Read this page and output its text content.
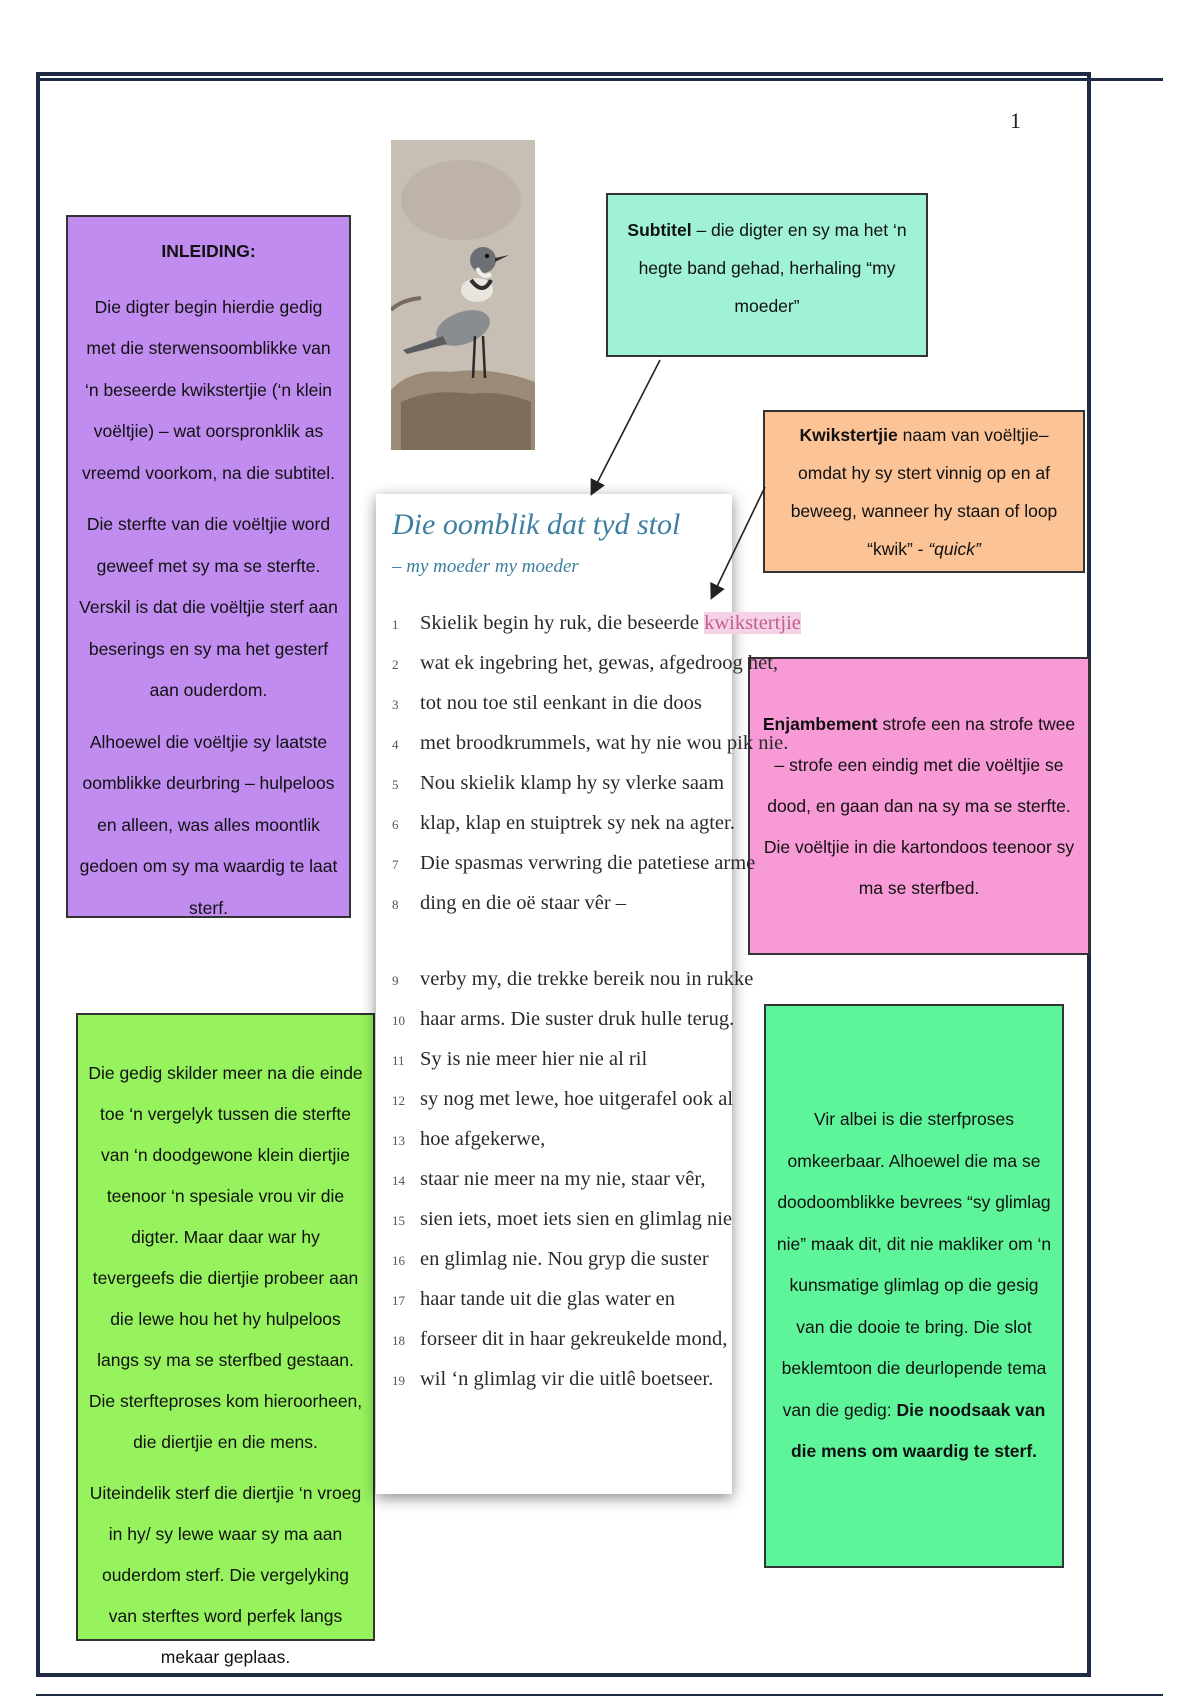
1

INLEIDING:

Die digter begin hierdie gedig met die sterwensoomblikke van ‘n beseerde kwikstertjie (‘n klein voëltjie) – wat oorspronklik as vreemd voorkom, na die subtitel.

Die sterfte van die voëltjie word geweef met sy ma se sterfte. Verskil is dat die voëltjie sterf aan beserings en sy ma het gesterf aan ouderdom.

Alhoewel die voëltjie sy laatste oomblikke deurbring – hulpeloos en alleen, was alles moontlik gedoen om sy ma waardig te laat sterf.

Subtitel – die digter en sy ma het ‘n hegte band gehad, herhaling “my moeder”
Kwikstertjie naam van voëltjie– omdat hy sy stert vinnig op en af beweeg, wanneer hy staan of loop “kwik” - “quick”
Enjambement strofe een na strofe twee – strofe een eindig met die voëltjie se dood, en gaan dan na sy ma se sterfte. Die voëltjie in die kartondoos teenoor sy ma se sterfbed.

Die gedig skilder meer na die einde toe ‘n vergelyk tussen die sterfte van ‘n doodgewone klein diertjie teenoor ‘n spesiale vrou vir die digter. Maar daar war hy tevergeefs die diertjie probeer aan die lewe hou het hy hulpeloos langs sy ma se sterfbed gestaan. Die sterfteproses kom hieroorheen, die diertjie en die mens.

Uiteindelik sterf die diertjie ‘n vroeg in hy/ sy lewe waar sy ma aan ouderdom sterf. Die vergelyking van sterftes word perfek langs mekaar geplaas.

Vir albei is die sterfproses omkeerbaar. Alhoewel die ma se doodoomblikke bevrees “sy glimlag nie” maak dit, dit nie makliker om ‘n kunsmatige glimlag op die gesig van die dooie te bring. Die slot beklemtoon die deurlopende tema van die gedig: Die noodsaak van die mens om waardig te sterf.
Die oomblik dat tyd stol
– my moeder my moeder
1 Skielik begin hy ruk, die beseerde kwikstertjie
2 wat ek ingebring het, gewas, afgedroog het,
3 tot nou toe stil eenkant in die doos
4 met broodkrummels, wat hy nie wou pik nie.
5 Nou skielik klamp hy sy vlerke saam
6 klap, klap en stuiptrek sy nek na agter.
7 Die spasmas verwring die patetiese arme
8 ding en die oë staar vêr –
9 verby my, die trekke bereik nou in rukke
10 haar arms. Die suster druk hulle terug.
11 Sy is nie meer hier nie al ril
12 sy nog met lewe, hoe uitgerafel ook al
13 hoe afgekerwe,
14 staar nie meer na my nie, staar vêr,
15 sien iets, moet iets sien en glimlag nie
16 en glimlag nie. Nou gryp die suster
17 haar tande uit die glas water en
18 forseer dit in haar gekreukelde mond,
19 wil ‘n glimlag vir die uitlê boetseer.
